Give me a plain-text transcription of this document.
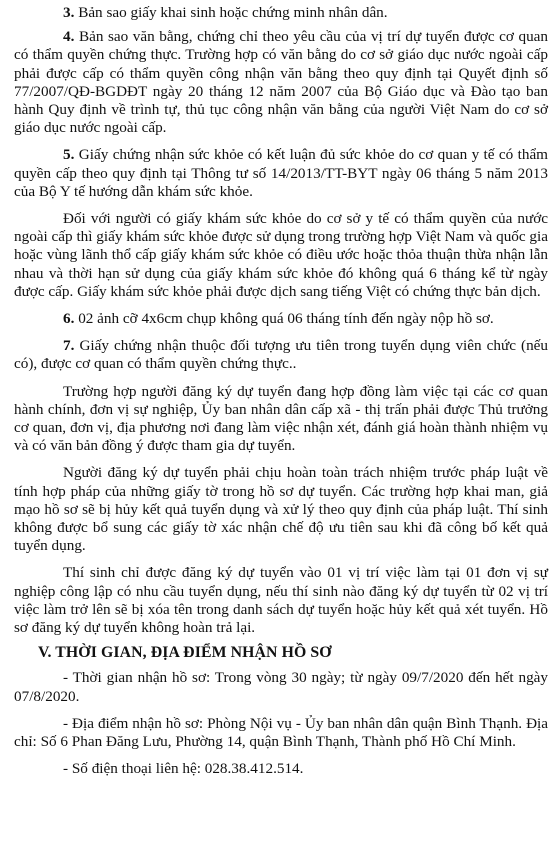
3. Bản sao giấy khai sinh hoặc chứng minh nhân dân.

4. Bản sao văn bằng, chứng chỉ theo yêu cầu của vị trí dự tuyển được cơ quan có thẩm quyền chứng thực. Trường hợp có văn bằng do cơ sở giáo dục nước ngoài cấp phải được cấp có thẩm quyền công nhận văn bằng theo quy định tại Quyết định số 77/2007/QĐ-BGDĐT ngày 20 tháng 12 năm 2007 của Bộ Giáo dục và Đào tạo ban hành Quy định về trình tự, thủ tục công nhận văn bằng của người Việt Nam do cơ sở giáo dục nước ngoài cấp.

5. Giấy chứng nhận sức khỏe có kết luận đủ sức khỏe do cơ quan y tế có thẩm quyền cấp theo quy định tại Thông tư số 14/2013/TT-BYT ngày 06 tháng 5 năm 2013 của Bộ Y tế hướng dẫn khám sức khỏe.

Đối với người có giấy khám sức khỏe do cơ sở y tế có thẩm quyền của nước ngoài cấp thì giấy khám sức khỏe được sử dụng trong trường hợp Việt Nam và quốc gia hoặc vùng lãnh thổ cấp giấy khám sức khỏe có điều ước hoặc thỏa thuận thừa nhận lẫn nhau và thời hạn sử dụng của giấy khám sức khỏe đó không quá 6 tháng kể từ ngày được cấp. Giấy khám sức khỏe phải được dịch sang tiếng Việt có chứng thực bản dịch.

6. 02 ảnh cỡ 4x6cm chụp không quá 06 tháng tính đến ngày nộp hồ sơ.

7. Giấy chứng nhận thuộc đối tượng ưu tiên trong tuyển dụng viên chức (nếu có), được cơ quan có thẩm quyền chứng thực..

Trường hợp người đăng ký dự tuyển đang hợp đồng làm việc tại các cơ quan hành chính, đơn vị sự nghiệp, Ủy ban nhân dân cấp xã - thị trấn phải được Thủ trưởng cơ quan, đơn vị, địa phương nơi đang làm việc nhận xét, đánh giá hoàn thành nhiệm vụ và có văn bản đồng ý được tham gia dự tuyển.

Người đăng ký dự tuyển phải chịu hoàn toàn trách nhiệm trước pháp luật về tính hợp pháp của những giấy tờ trong hồ sơ dự tuyển. Các trường hợp khai man, giả mạo hồ sơ sẽ bị hủy kết quả tuyển dụng và xử lý theo quy định của pháp luật. Thí sinh không được bổ sung các giấy tờ xác nhận chế độ ưu tiên sau khi đã công bố kết quả tuyển dụng.

Thí sinh chỉ được đăng ký dự tuyển vào 01 vị trí việc làm tại 01 đơn vị sự nghiệp công lập có nhu cầu tuyển dụng, nếu thí sinh nào đăng ký dự tuyển từ 02 vị trí việc làm trở lên sẽ bị xóa tên trong danh sách dự tuyển hoặc hủy kết quả xét tuyển. Hồ sơ đăng ký dự tuyển không hoàn trả lại.

V. THỜI GIAN, ĐỊA ĐIỂM NHẬN HỒ SƠ

- Thời gian nhận hồ sơ: Trong vòng 30 ngày; từ ngày 09/7/2020 đến hết ngày 07/8/2020.

- Địa điểm nhận hồ sơ: Phòng Nội vụ - Ủy ban nhân dân quận Bình Thạnh. Địa chỉ: Số 6 Phan Đăng Lưu, Phường 14, quận Bình Thạnh, Thành phố Hồ Chí Minh.

- Số điện thoại liên hệ: 028.38.412.514.
